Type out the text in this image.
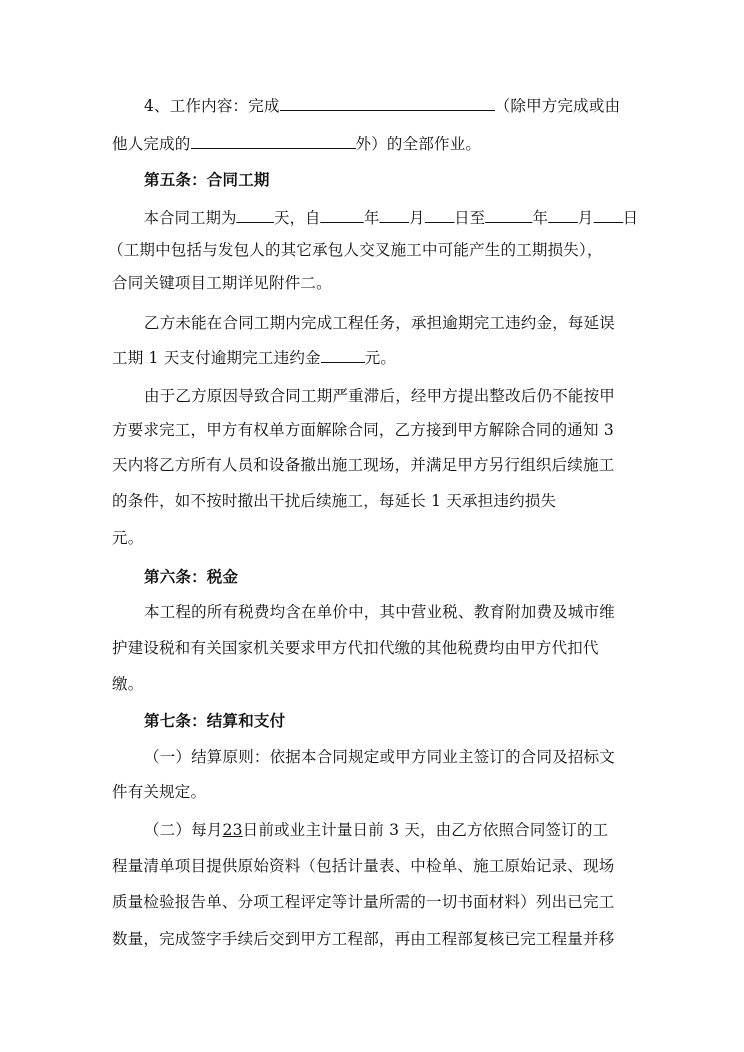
4、工作内容：完成	（除甲方完成或由
他人完成的	外）的全部作业。
第五条：合同工期
本合同工期为 天，自	年 月 日至	年 月 日
（工期中包括与发包人的其它承包人交叉施工中可能产生的工期损失），
合同关键项目工期详见附件二。
乙方未能在合同工期内完成工程任务，承担逾期完工违约金，每延误
工期 1 天支付逾期完工违约金	元。
由于乙方原因导致合同工期严重滞后，经甲方提出整改后仍不能按甲
方要求完工，甲方有权单方面解除合同，乙方接到甲方解除合同的通知 3
天内将乙方所有人员和设备撤出施工现场，并满足甲方另行组织后续施工
的条件，如不按时撤出干扰后续施工，每延长 1 天承担违约损失
元。
第六条：税金
本工程的所有税费均含在单价中，其中营业税、教育附加费及城市维
护建设税和有关国家机关要求甲方代扣代缴的其他税费均由甲方代扣代
缴。
第七条：结算和支付
（一）结算原则：依据本合同规定或甲方同业主签订的合同及招标文
件有关规定。
（二）每月23日前或业主计量日前 3 天，由乙方依照合同签订的工
程量清单项目提供原始资料（包括计量表、中检单、施工原始记录、现场
质量检验报告单、分项工程评定等计量所需的一切书面材料）列出已完工
数量，完成签字手续后交到甲方工程部，再由工程部复核已完工程量并移
